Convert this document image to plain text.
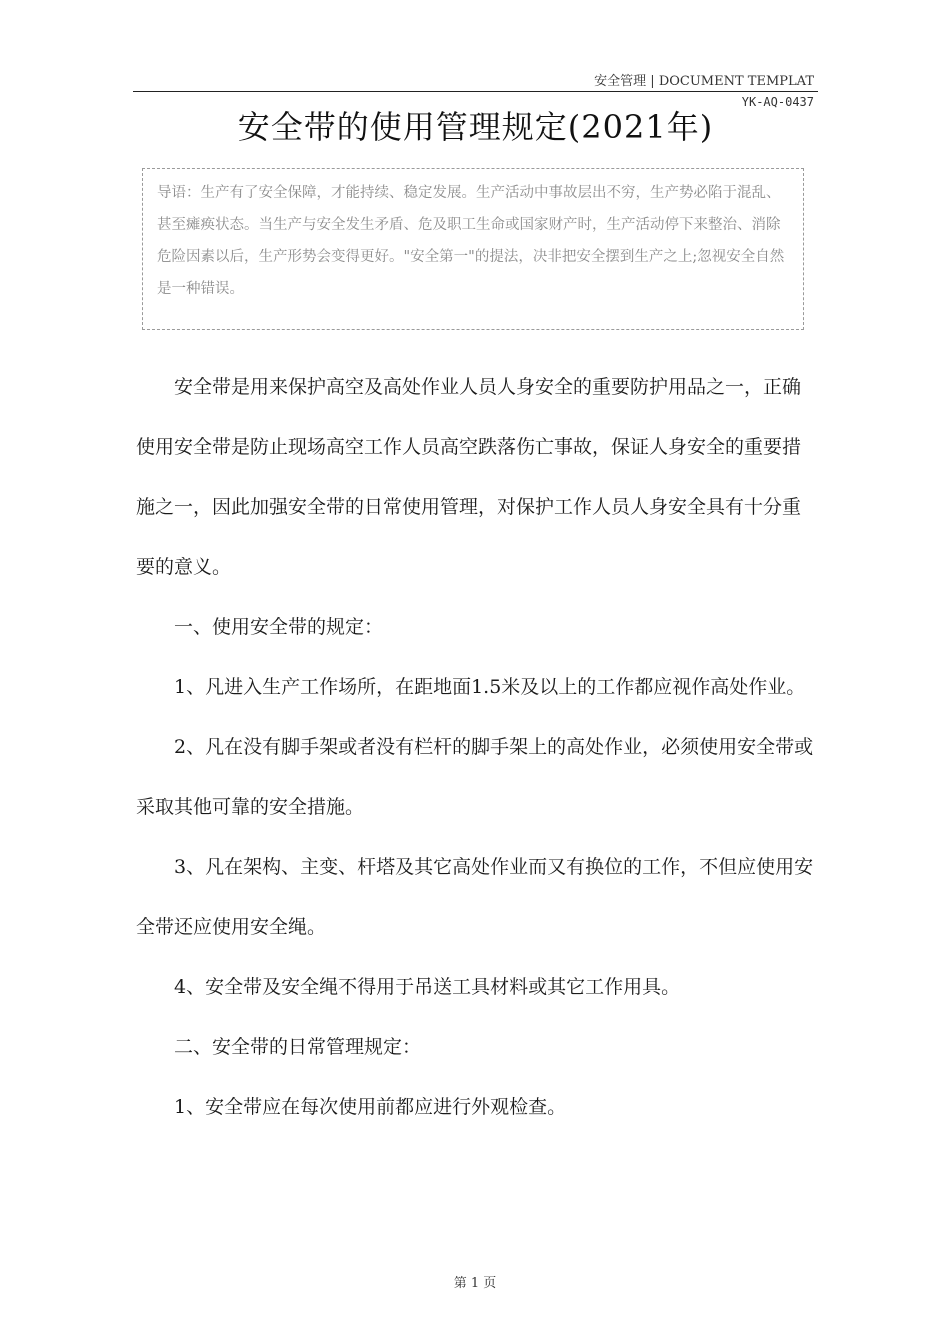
安全管理 | DOCUMENT TEMPLAT
YK-AQ-0437
安全带的使用管理规定(2021年)
导语：生产有了安全保障，才能持续、稳定发展。生产活动中事故层出不穷，生产势必陷于混乱、甚至瘫痪状态。当生产与安全发生矛盾、危及职工生命或国家财产时，生产活动停下来整治、消除危险因素以后，生产形势会变得更好。"安全第一"的提法，决非把安全摆到生产之上;忽视安全自然是一种错误。

安全带是用来保护高空及高处作业人员人身安全的重要防护用品之一，正确使用安全带是防止现场高空工作人员高空跌落伤亡事故，保证人身安全的重要措施之一，因此加强安全带的日常使用管理，对保护工作人员人身安全具有十分重要的意义。

一、使用安全带的规定：

1、凡进入生产工作场所，在距地面1.5米及以上的工作都应视作高处作业。

2、凡在没有脚手架或者没有栏杆的脚手架上的高处作业，必须使用安全带或采取其他可靠的安全措施。

3、凡在架构、主变、杆塔及其它高处作业而又有换位的工作，不但应使用安全带还应使用安全绳。

4、安全带及安全绳不得用于吊送工具材料或其它工作用具。

二、安全带的日常管理规定：

1、安全带应在每次使用前都应进行外观检查。

第 1 页
